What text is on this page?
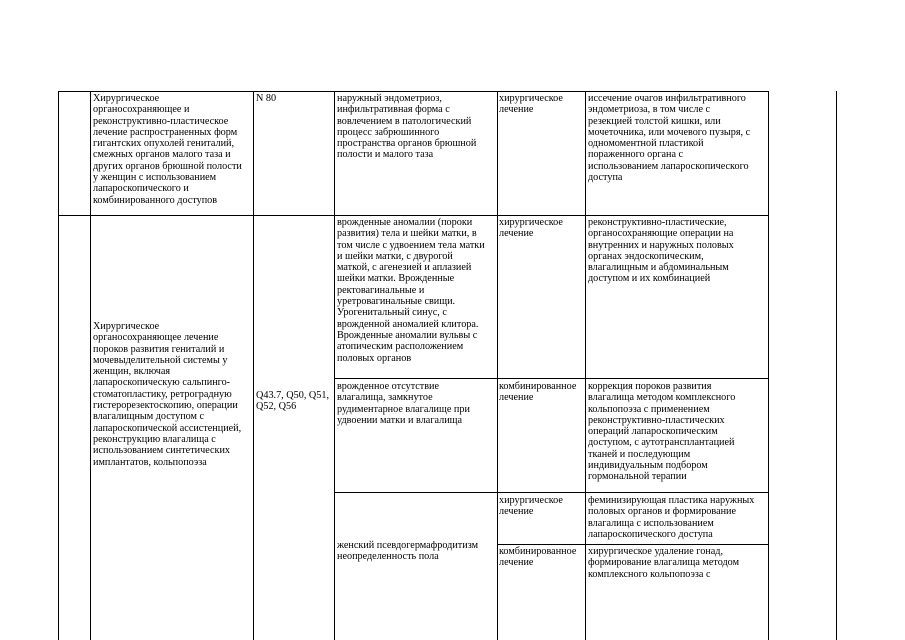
Хирургическое
органосохраняющее и
реконструктивно-пластическое
лечение распространенных форм
гигантских опухолей гениталий,
смежных органов малого таза и
других органов брюшной полости
у женщин с использованием
лапароскопического и
комбинированного доступов
N 80	наружный эндометриоз,
инфильтративная форма с
вовлечением в патологический
процесс забрюшинного
пространства органов брюшной
полости и малого таза
хирургическое
лечение
иссечение очагов инфильтративного
эндометриоза, в том числе с
резекцией толстой кишки, или
мочеточника, или мочевого пузыря, с
одномоментной пластикой
пораженного органа с
использованием лапароскопического
доступа
Хирургическое
органосохраняющее лечение
пороков развития гениталий и
мочевыделительной системы у
женщин, включая
лапароскопическую сальпинго-
стоматопластику, ретроградную
гистерорезектоскопию, операции
влагалищным доступом с
лапароскопической ассистенцией,
реконструкцию влагалища с
использованием синтетических
имплантатов, кольпопоэза
Q43.7, Q50, Q51,
Q52, Q56
врожденные аномалии (пороки
развития) тела и шейки матки, в
том числе с удвоением тела матки
и шейки матки, с двурогой
маткой, с агенезией и аплазией
шейки матки. Врожденные
ректовагинальные и
уретровагинальные свищи.
Урогенитальный синус, с
врожденной аномалией клитора.
Врожденные аномалии вульвы с
атопическим расположением
половых органов
хирургическое
лечение
реконструктивно-пластические,
органосохраняющие операции на
внутренних и наружных половых
органах эндоскопическим,
влагалищным и абдоминальным
доступом и их комбинацией
врожденное отсутствие
влагалища, замкнутое
рудиментарное влагалище при
удвоении матки и влагалища
комбинированное
лечение
коррекция пороков развития
влагалища методом комплексного
кольпопоэза с применением
реконструктивно-пластических
операций лапароскопическим
доступом, с аутотрансплантацией
тканей и последующим
индивидуальным подбором
гормональной терапии
женский псевдогермафродитизм
неопределенность пола
хирургическое
лечение
феминизирующая пластика наружных
половых органов и формирование
влагалища с использованием
лапароскопического доступа
комбинированное
лечение
хирургическое удаление гонад,
формирование влагалища методом
комплексного кольпопоэза с
